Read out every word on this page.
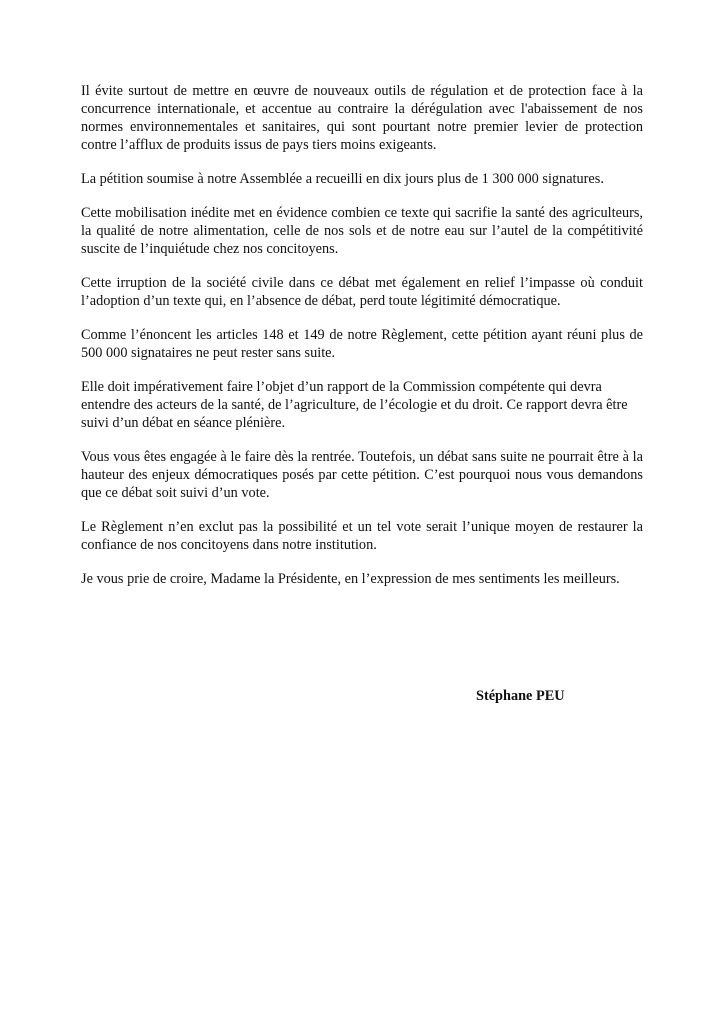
Il évite surtout de mettre en œuvre de nouveaux outils de régulation et de protection face à la concurrence internationale, et accentue au contraire la dérégulation avec l'abaissement de nos normes environnementales et sanitaires, qui sont pourtant notre premier levier de protection contre l’afflux de produits issus de pays tiers moins exigeants.

La pétition soumise à notre Assemblée a recueilli en dix jours plus de 1 300 000 signatures.

Cette mobilisation inédite met en évidence combien ce texte qui sacrifie la santé des agriculteurs, la qualité de notre alimentation, celle de nos sols et de notre eau sur l’autel de la compétitivité suscite de l’inquiétude chez nos concitoyens.

Cette irruption de la société civile dans ce débat met également en relief l’impasse où conduit l’adoption d’un texte qui, en l’absence de débat, perd toute légitimité démocratique.

Comme l’énoncent les articles 148 et 149 de notre Règlement, cette pétition ayant réuni plus de 500 000 signataires ne peut rester sans suite.

Elle doit impérativement faire l’objet d’un rapport de la Commission compétente qui devra entendre des acteurs de la santé, de l’agriculture, de l’écologie et du droit. Ce rapport devra être suivi d’un débat en séance plénière.

Vous vous êtes engagée à le faire dès la rentrée. Toutefois, un débat sans suite ne pourrait être à la hauteur des enjeux démocratiques posés par cette pétition. C’est pourquoi nous vous demandons que ce débat soit suivi d’un vote.

Le Règlement n’en exclut pas la possibilité et un tel vote serait l’unique moyen de restaurer la confiance de nos concitoyens dans notre institution.

Je vous prie de croire, Madame la Présidente, en l’expression de mes sentiments les meilleurs.

Stéphane PEU
